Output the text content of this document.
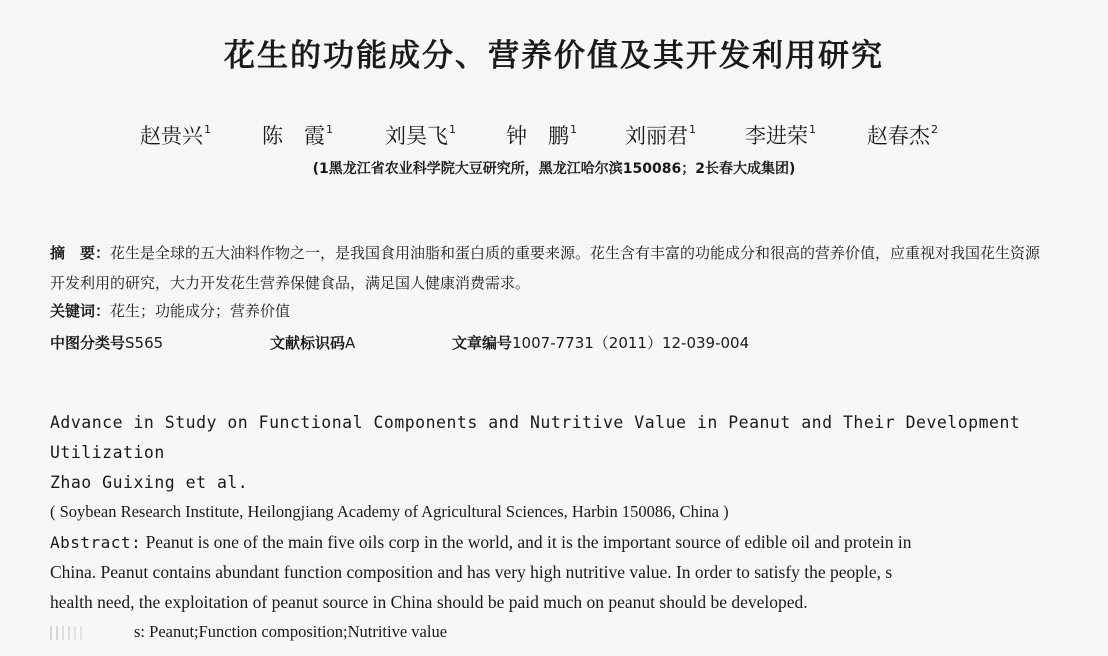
花生的功能成分、营养价值及其开发利用研究
赵贵兴$^1$ 陈　霞$^1$ 刘昊飞$^1$ 钟　鹏$^1$ 刘丽君$^1$ 李进荣$^1$ 赵春杰$^2$
(1黑龙江省农业科学院大豆研究所，黑龙江哈尔滨150086；2长春大成集团)
摘　要：花生是全球的五大油料作物之一，是我国食用油脂和蛋白质的重要来源。花生含有丰富的功能成分和很高的营养价值，应重视对我国花生资源开发利用的研究，大力开发花生营养保健食品，满足国人健康消费需求。
关键词：花生；功能成分；营养价值
中图分类号S565	文献标识码A	文章编号1007-7731（2011）12-039-004
Advance in Study on Functional Components and Nutritive Value in Peanut and Their Development
Utilization
Zhao Guixing et al.
( Soybean Research Institute, Heilongjiang Academy of Agricultural Sciences, Harbin 150086, China )
Abstract: Peanut is one of the main five oils corp in the world, and it is the important source of edible oil and protein in
China. Peanut contains abundant function composition and has very high nutritive value. In order to satisfy the people, s
health need, the exploitation of peanut source in China should be paid much on peanut should be developed.
s: Peanut;Function composition;Nutritive value
